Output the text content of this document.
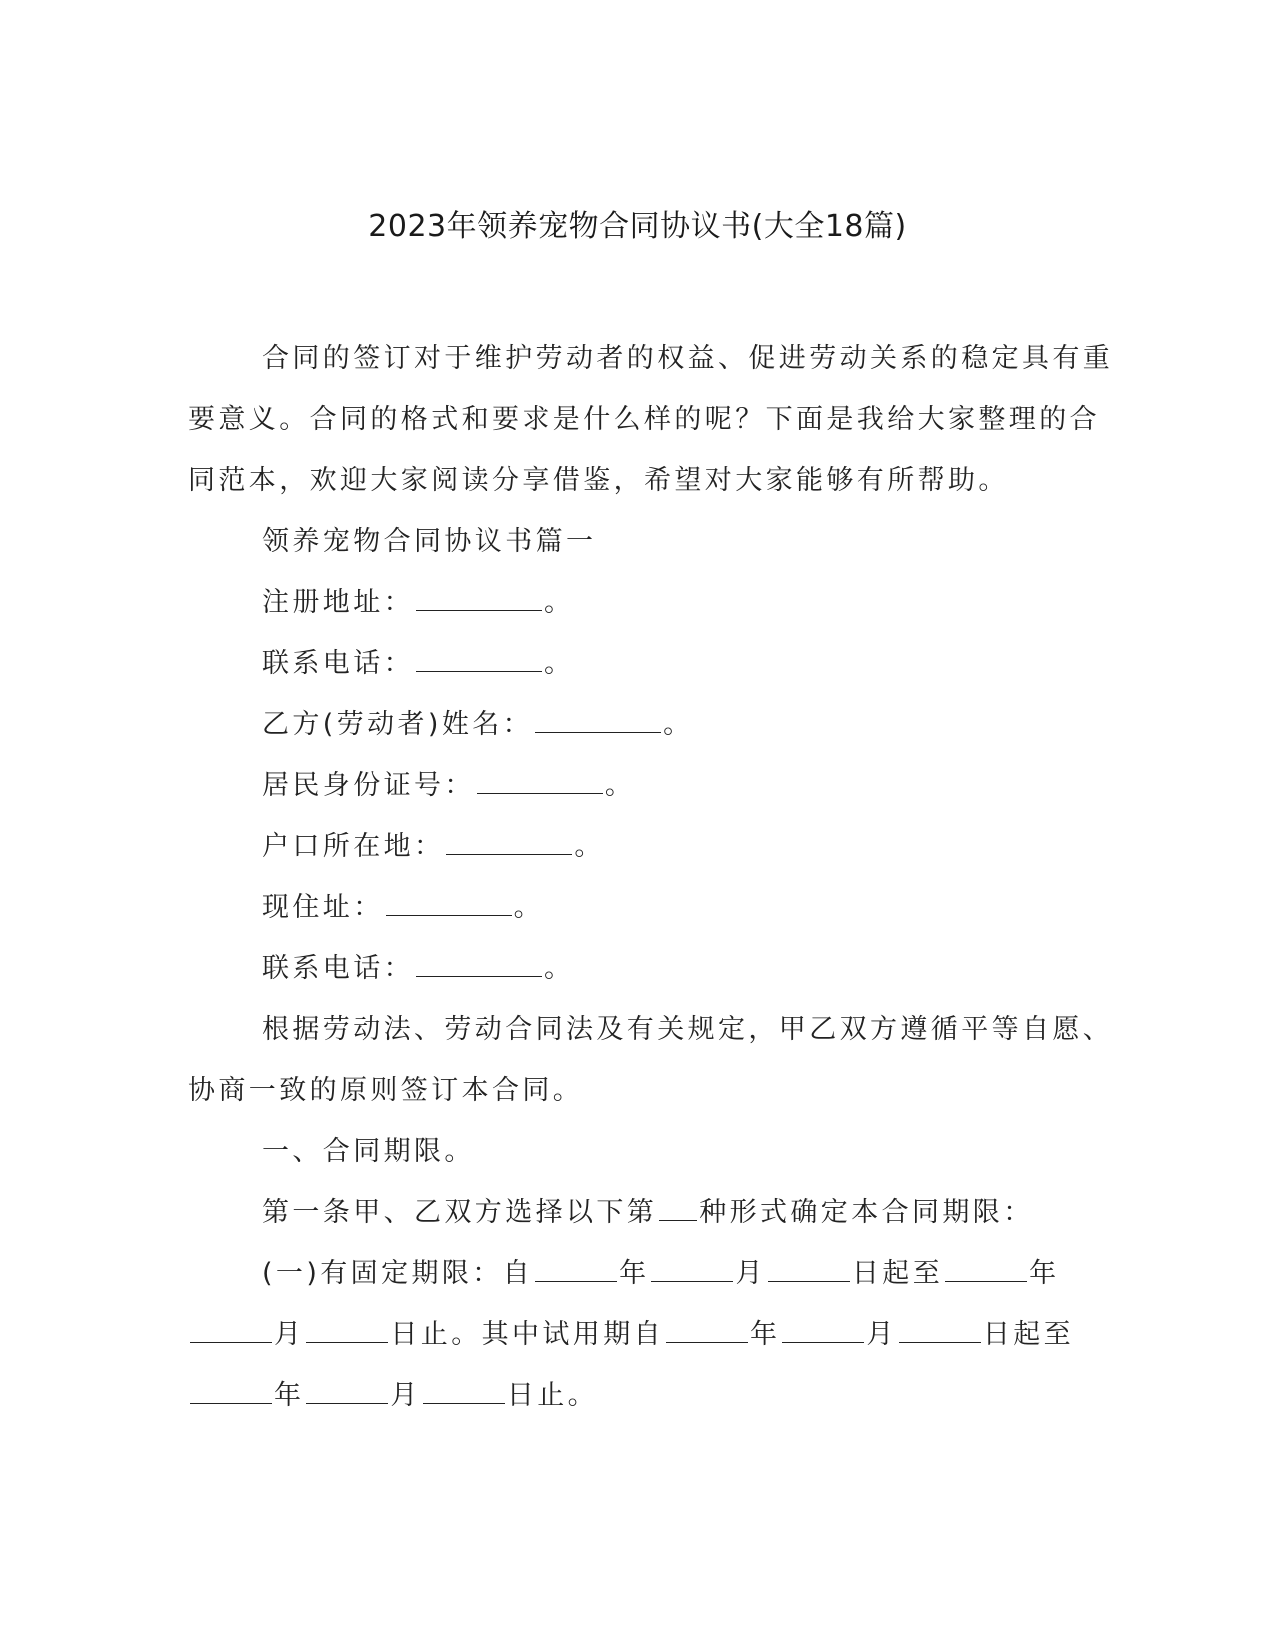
2023年领养宠物合同协议书(大全18篇)
合同的签订对于维护劳动者的权益、促进劳动关系的稳定具有重
要意义。合同的格式和要求是什么样的呢？下面是我给大家整理的合
同范本，欢迎大家阅读分享借鉴，希望对大家能够有所帮助。
领养宠物合同协议书篇一
注册地址：	。
联系电话：	。
乙方(劳动者)姓名：	。
居民身份证号：	。
户口所在地：	。
现住址：	。
联系电话：	。
根据劳动法、劳动合同法及有关规定，甲乙双方遵循平等自愿、
协商一致的原则签订本合同。
一、合同期限。
第一条甲、乙双方选择以下第 种形式确定本合同期限：
(一)有固定期限：自	年	月	日起至	年
月	日止。其中试用期自	年	月	日起至
年	月	日止。
